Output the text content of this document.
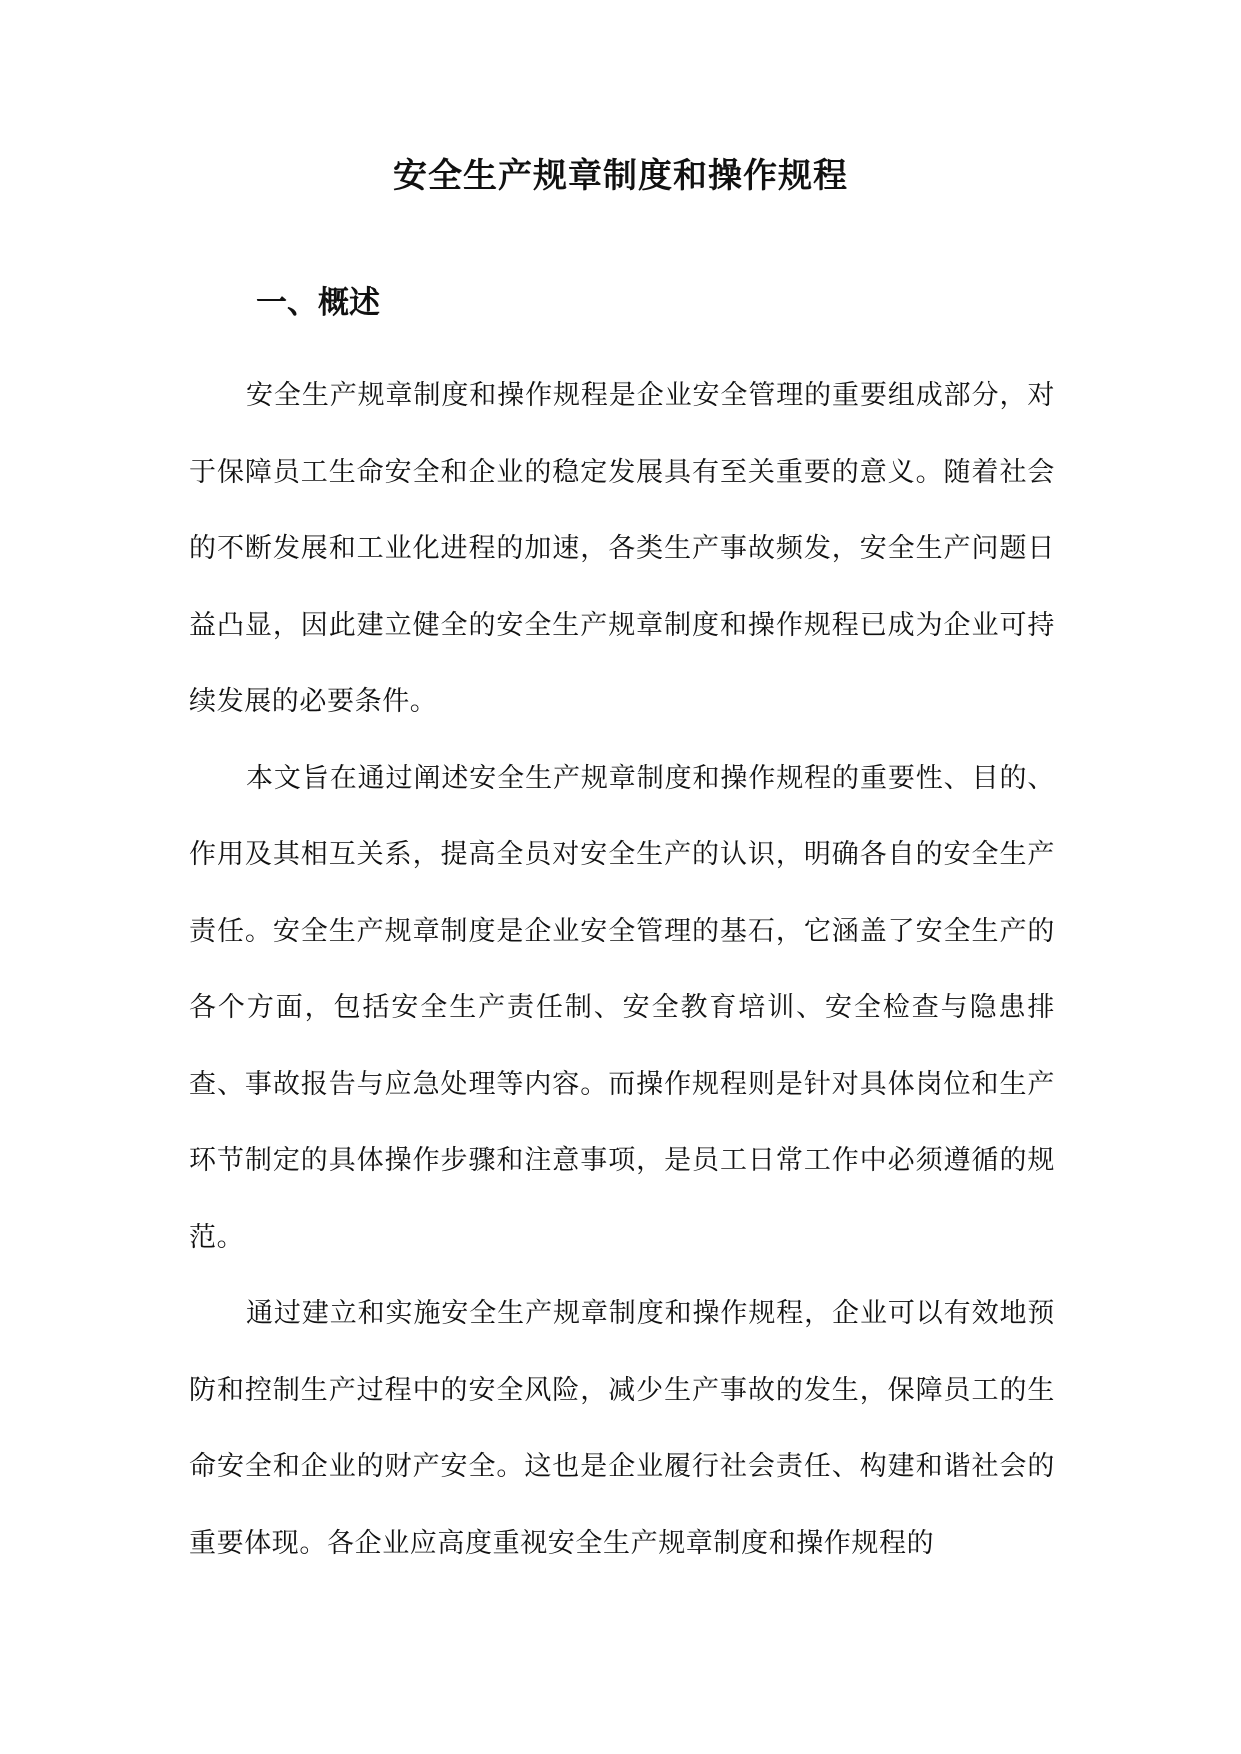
安全生产规章制度和操作规程
一、概述

安全生产规章制度和操作规程是企业安全管理的重要组成部分，对于保障员工生命安全和企业的稳定发展具有至关重要的意义。随着社会的不断发展和工业化进程的加速，各类生产事故频发，安全生产问题日益凸显，因此建立健全的安全生产规章制度和操作规程已成为企业可持续发展的必要条件。

本文旨在通过阐述安全生产规章制度和操作规程的重要性、目的、作用及其相互关系，提高全员对安全生产的认识，明确各自的安全生产责任。安全生产规章制度是企业安全管理的基石，它涵盖了安全生产的各个方面，包括安全生产责任制、安全教育培训、安全检查与隐患排查、事故报告与应急处理等内容。而操作规程则是针对具体岗位和生产环节制定的具体操作步骤和注意事项，是员工日常工作中必须遵循的规范。

通过建立和实施安全生产规章制度和操作规程，企业可以有效地预防和控制生产过程中的安全风险，减少生产事故的发生，保障员工的生命安全和企业的财产安全。这也是企业履行社会责任、构建和谐社会的重要体现。各企业应高度重视安全生产规章制度和操作规程的
